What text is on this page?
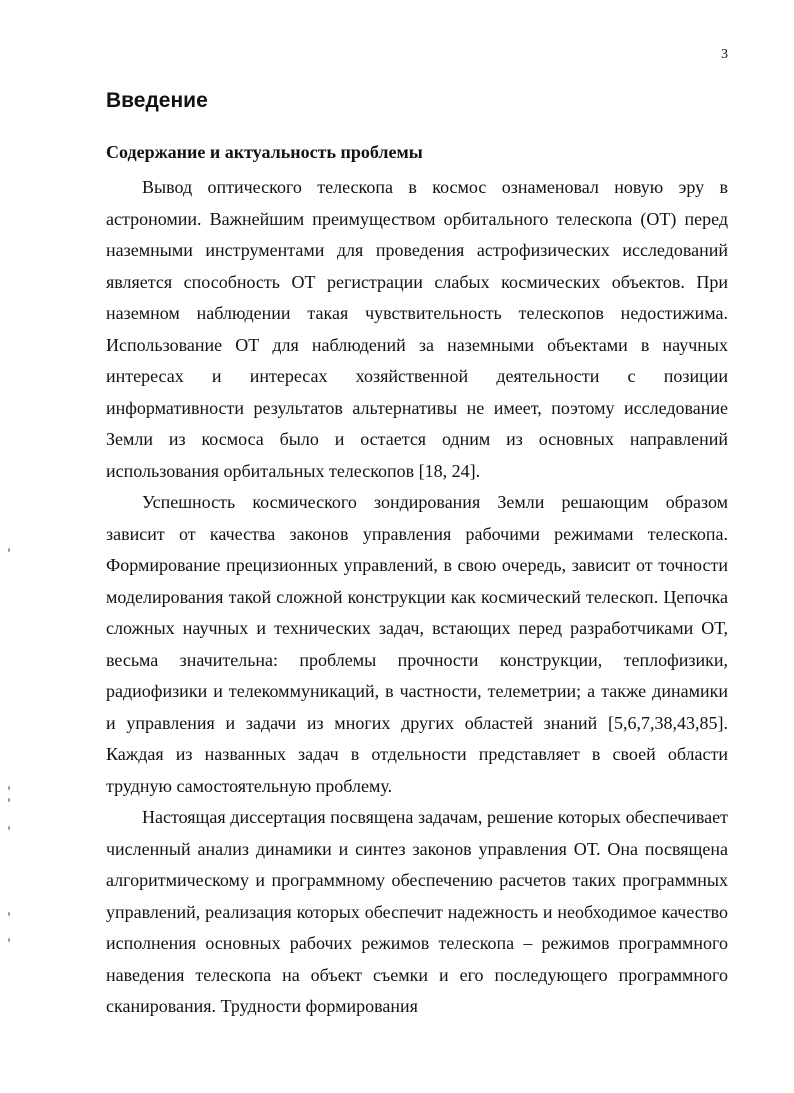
3
Введение
Содержание и актуальность проблемы

Вывод оптического телескопа в космос ознаменовал новую эру в астрономии. Важнейшим преимуществом орбитального телескопа (ОТ) перед наземными инструментами для проведения астрофизических исследований является способность ОТ регистрации слабых космических объектов. При наземном наблюдении такая чувствительность телескопов недостижима. Использование ОТ для наблюдений за наземными объектами в научных интересах и интересах хозяйственной деятельности с позиции информативности результатов альтернативы не имеет, поэтому исследование Земли из космоса было и остается одним из основных направлений использования орбитальных телескопов [18, 24].

Успешность космического зондирования Земли решающим образом зависит от качества законов управления рабочими режимами телескопа. Формирование прецизионных управлений, в свою очередь, зависит от точности моделирования такой сложной конструкции как космический телескоп. Цепочка сложных научных и технических задач, встающих перед разработчиками ОТ, весьма значительна: проблемы прочности конструкции, теплофизики, радиофизики и телекоммуникаций, в частности, телеметрии; а также динамики и управления и задачи из многих других областей знаний [5,6,7,38,43,85]. Каждая из названных задач в отдельности представляет в своей области трудную самостоятельную проблему.

Настоящая диссертация посвящена задачам, решение которых обеспечивает численный анализ динамики и синтез законов управления ОТ. Она посвящена алгоритмическому и программному обеспечению расчетов таких программных управлений, реализация которых обеспечит надежность и необходимое качество исполнения основных рабочих режимов телескопа – режимов программного наведения телескопа на объект съемки и его последующего программного сканирования. Трудности формирования
